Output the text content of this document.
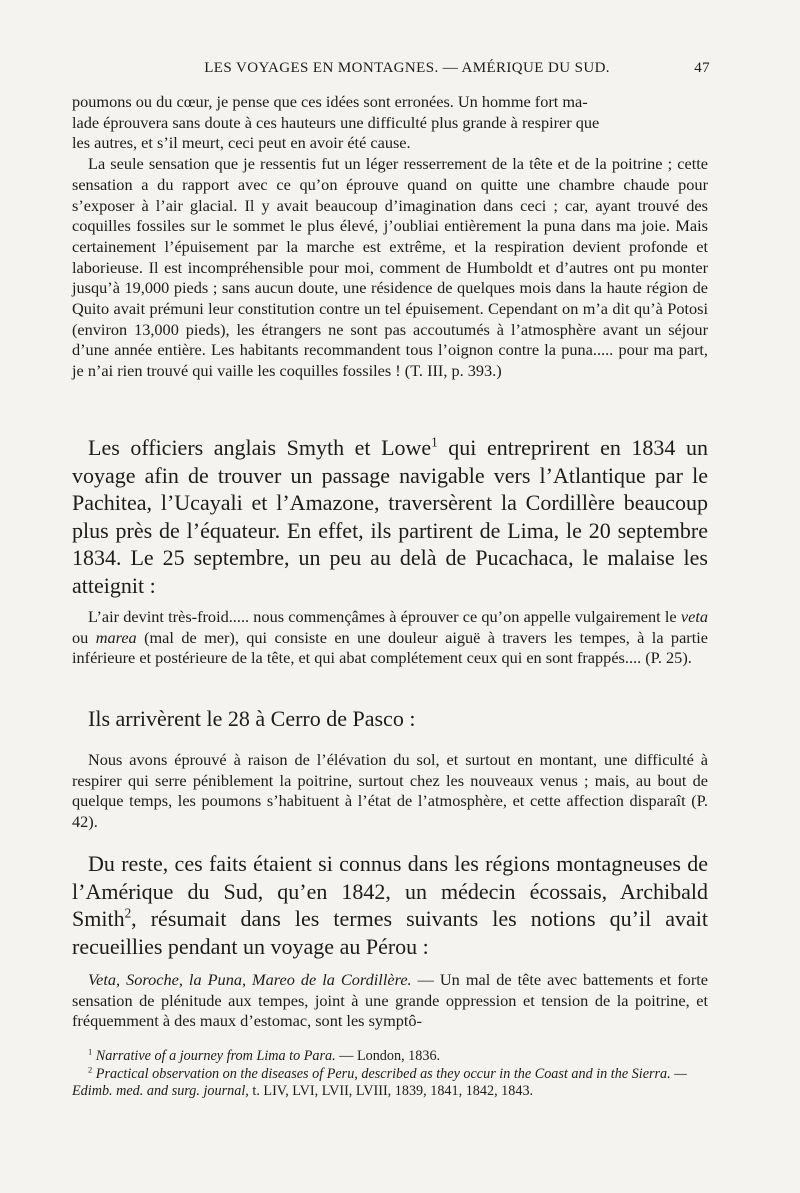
LES VOYAGES EN MONTAGNES. — AMÉRIQUE DU SUD.	47

poumons ou du cœur, je pense que ces idées sont erronées. Un homme fort ma-

lade éprouvera sans doute à ces hauteurs une difficulté plus grande à respirer que

les autres, et s’il meurt, ceci peut en avoir été cause.

La seule sensation que je ressentis fut un léger resserrement de la tête et de la poitrine ; cette sensation a du rapport avec ce qu’on éprouve quand on quitte une chambre chaude pour s’exposer à l’air glacial. Il y avait beaucoup d’imagination dans ceci ; car, ayant trouvé des coquilles fossiles sur le sommet le plus élevé, j’oubliai entièrement la puna dans ma joie. Mais certainement l’épuisement par la marche est extrême, et la respiration devient profonde et laborieuse. Il est incompréhensible pour moi, comment de Humboldt et d’autres ont pu monter jusqu’à 19,000 pieds ; sans aucun doute, une résidence de quelques mois dans la haute région de Quito avait prémuni leur constitution contre un tel épuisement. Cependant on m’a dit qu’à Potosi (environ 13,000 pieds), les étrangers ne sont pas accoutumés à l’atmosphère avant un séjour d’une année entière. Les habitants recommandent tous l’oignon contre la puna..... pour ma part, je n’ai rien trouvé qui vaille les coquilles fossiles ! (T. III, p. 393.)

Les officiers anglais Smyth et Lowe$^1$ qui entreprirent en 1834 un voyage afin de trouver un passage navigable vers l’Atlantique par le Pachitea, l’Ucayali et l’Amazone, traversèrent la Cordillère beaucoup plus près de l’équateur. En effet, ils partirent de Lima, le 20 septembre 1834. Le 25 septembre, un peu au delà de Pucachaca, le malaise les atteignit :

L’air devint très-froid..... nous commençâmes à éprouver ce qu’on appelle vulgairement le veta ou marea (mal de mer), qui consiste en une douleur aiguë à travers les tempes, à la partie inférieure et postérieure de la tête, et qui abat complétement ceux qui en sont frappés.... (P. 25).

Ils arrivèrent le 28 à Cerro de Pasco :

Nous avons éprouvé à raison de l’élévation du sol, et surtout en montant, une difficulté à respirer qui serre péniblement la poitrine, surtout chez les nouveaux venus ; mais, au bout de quelque temps, les poumons s’habituent à l’état de l’atmosphère, et cette affection disparaît (P. 42).

Du reste, ces faits étaient si connus dans les régions montagneuses de l’Amérique du Sud, qu’en 1842, un médecin écossais, Archibald Smith$^2$, résumait dans les termes suivants les notions qu’il avait recueillies pendant un voyage au Pérou :

Veta, Soroche, la Puna, Mareo de la Cordillère. — Un mal de tête avec battements et forte sensation de plénitude aux tempes, joint à une grande oppression et tension de la poitrine, et fréquemment à des maux d’estomac, sont les symptô-

$^1$ Narrative of a journey from Lima to Para. — London, 1836.

$^2$ Practical observation on the diseases of Peru, described as they occur in the Coast and in the Sierra. — Edimb. med. and surg. journal, t. LIV, LVI, LVII, LVIII, 1839, 1841, 1842, 1843.
